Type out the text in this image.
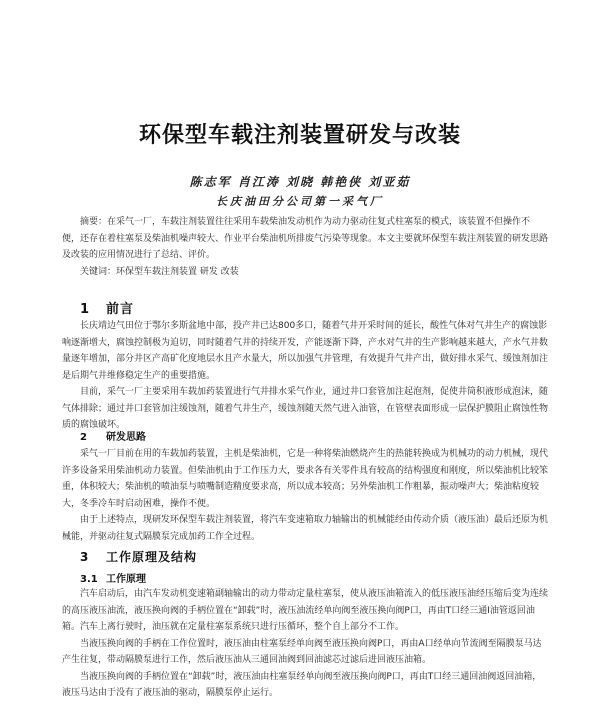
环保型车载注剂装置研发与改装
陈志军 肖江涛 刘晓 韩艳侠 刘亚茹
长庆油田分公司第一采气厂

摘要：在采气一厂，车载注剂装置往往采用车载柴油发动机作为动力驱动往复式柱塞泵的模式，该装置不但操作不便，还存在着柱塞泵及柴油机噪声较大、作业平台柴油机所排废气污染等现象。本文主要就环保型车载注剂装置的研发思路及改装的应用情况进行了总结、评价。

关键词：环保型车载注剂装置 研发 改装
1 前言

长庆靖边气田位于鄂尔多斯盆地中部，投产井已达800多口，随着气井开采时间的延长，酸性气体对气井生产的腐蚀影响逐渐增大，腐蚀控制极为迫切，同时随着气井的持续开发，产能逐渐下降，产水对气井的生产影响越来越大，产水气井数量逐年增加，部分井区产高矿化度地层水且产水量大，所以加强气井管理，有效提升气井产出，做好排水采气、缓蚀剂加注是后期气井维修稳定生产的重要措施。

目前，采气一厂主要采用车载加药装置进行气井排水采气作业，通过井口套管加注起泡剂，促使井筒积液形成泡沫，随气体排除；通过井口套管加注缓蚀剂，随着气井生产，缓蚀剂随天然气进入油管，在管壁表面形成一层保护膜阻止腐蚀性物质的腐蚀破坏。

2 研发思路

采气一厂目前在用的车载加药装置，主机是柴油机，它是一种将柴油燃烧产生的热能转换成为机械功的动力机械，现代许多设备采用柴油机动力装置。但柴油机由于工作压力大，要求各有关零件具有较高的结构强度和刚度，所以柴油机比较笨重，体积较大；柴油机的喷油泵与喷嘴制造精度要求高，所以成本较高；另外柴油机工作粗暴，振动噪声大；柴油粘度较大，冬季冷车时启动困难，操作不便。

由于上述特点，现研发环保型车载注剂装置，将汽车变速箱取力轴输出的机械能经由传动介质（液压油）最后还原为机械能，并驱动往复式隔膜泵完成加药工作全过程。

3 工作原理及结构
3.1 工作原理

汽车启动后，由汽车发动机变速箱副轴输出的动力带动定量柱塞泵，使从液压油箱流入的低压液压油经压缩后变为连续的高压液压油流，液压换向阀的手柄位置在“卸载”时，液压油流经单向阀至液压换向阀P口，再由T口经三通Ⅰ油管返回油箱。汽车上离行驶时，油压就在定量柱塞泵系统只进行压循环，整个自上部分不工作。

当液压换向阀的手柄在工作位置时，液压油由柱塞泵经单向阀至液压换向阀P口，再由A口经单向节流阀至隔膜泵马达产生往复，带动隔膜泵进行工作，然后液压油从三通回油阀到回油滤芯过滤后进回液压油箱。

当液压换向阀的手柄位置在“卸载”时，液压油由柱塞泵经单向阀至液压换向阀P口，再由T口经三通回油阀返回油箱，液压马达由于没有了液压油的驱动，隔膜泵停止运行。
